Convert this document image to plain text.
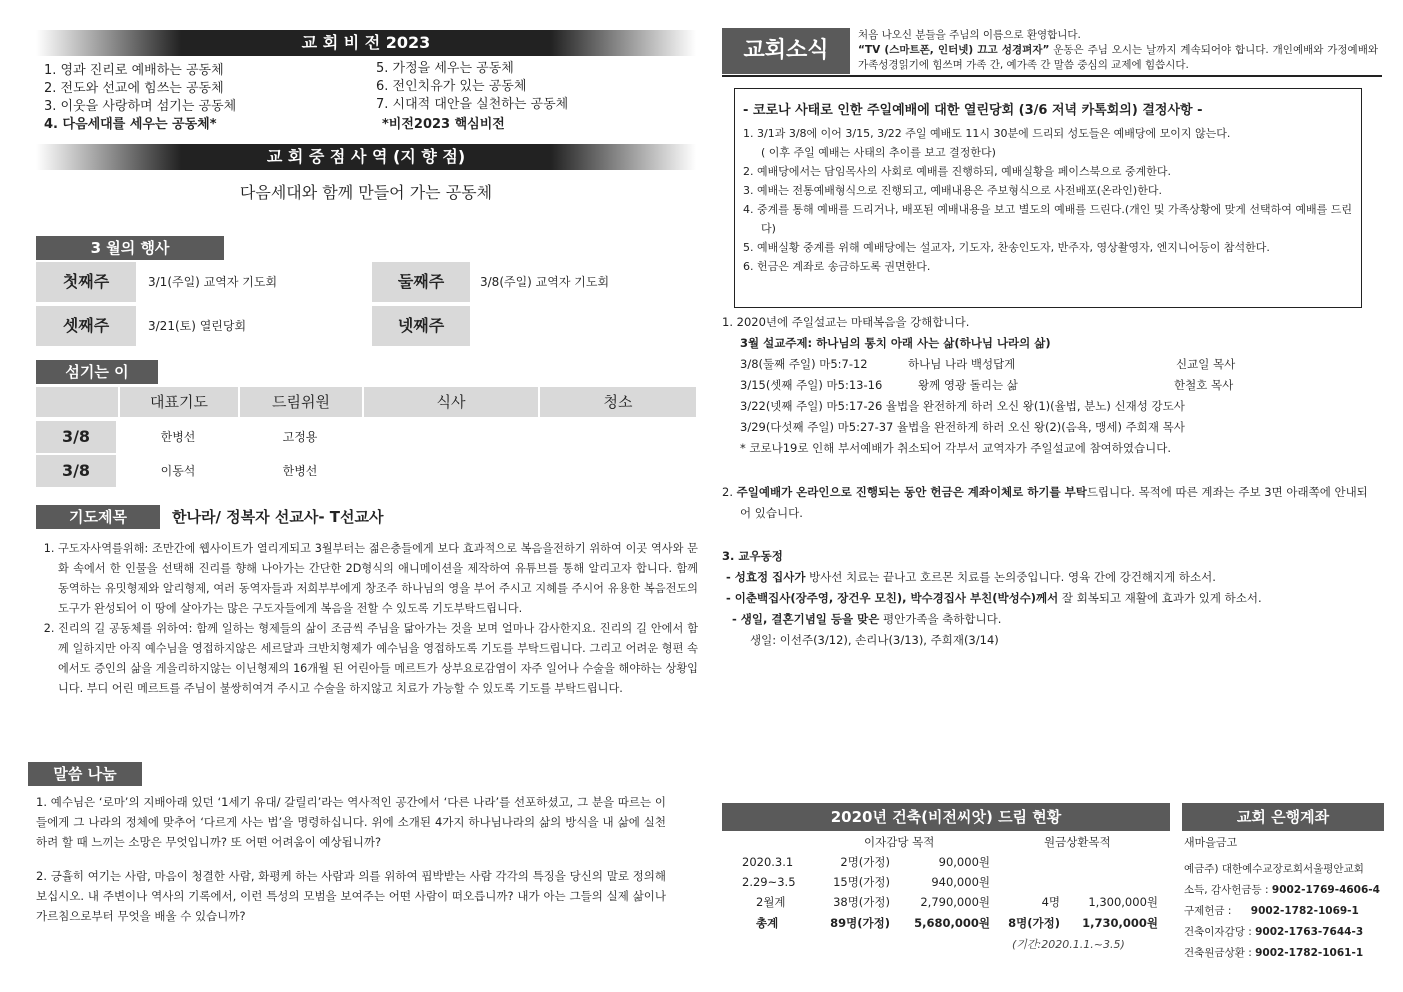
교 회 비 전 2023
1. 영과 진리로 예배하는 공동체
2. 전도와 선교에 힘쓰는 공동체
3. 이웃을 사랑하며 섬기는 공동체
4. 다음세대를 세우는 공동체*
5. 가정을 세우는 공동체
6. 전인치유가 있는 공동체
7. 시대적 대안을 실천하는 공동체
*비전2023 핵심비전
교 회 중 점 사 역 (지 향 점)
다음세대와 함께 만들어 가는 공동체
3 월의 행사
첫째주	3/1(주일) 교역자 기도회	둘째주	3/8(주일) 교역자 기도회
셋째주	3/21(토) 열린당회	넷째주
섬기는 이
대표기도	드림위원	식사	청소
3/8	한병선	고정용
3/8	이동석	한병선
기도제목	한나라/ 정복자 선교사- T선교사
1. 구도자사역를위해: 조만간에 웹사이트가 열리게되고 3월부터는 젊은층들에게 보다 효과적으로 복음을전하기 위하여 이곳 역사와 문화 속에서 한 인물을 선택해 진리를 향해 나아가는 간단한 2D형식의 애니메이션을 제작하여 유튜브를 통해 알리고자 합니다. 함께 동역하는 유밋형제와 알리형제, 여러 동역자들과 저희부부에게 창조주 하나님의 영을 부어 주시고 지혜를 주시어 유용한 복음전도의 도구가 완성되어 이 땅에 살아가는 많은 구도자들에게 복음을 전할 수 있도록 기도부탁드립니다.
2. 진리의 길 공동체를 위하여: 함께 일하는 형제들의 삶이 조금씩 주님을 닮아가는 것을 보며 얼마나 감사한지요. 진리의 길 안에서 함께 일하지만 아직 예수님을 영접하지않은 세르달과 크반치형제가 예수님을 영접하도록 기도를 부탁드립니다. 그리고 어려운 형편 속에서도 증인의 삶을 게을리하지않는 이닌형제의 16개월 된 어린아들 메르트가 상부요로감염이 자주 일어나 수술을 해야하는 상황입니다. 부디 어린 메르트를 주님이 불쌍히여겨 주시고 수술을 하지않고 치료가 가능할 수 있도록 기도를 부탁드립니다.
말씀 나눔
1. 예수님은 ‘로마’의 지배아래 있던 ‘1세기 유대/ 갈릴리’라는 역사적인 공간에서 ‘다른 나라’를 선포하셨고, 그 분을 따르는 이들에게 그 나라의 정체에 맞추어 ‘다르게 사는 법’을 명령하십니다. 위에 소개된 4가지 하나님나라의 삶의 방식을 내 삶에 실천하려 할 때 느끼는 소망은 무엇입니까? 또 어떤 어려움이 예상됩니까?
2. 긍휼히 여기는 사람, 마음이 청결한 사람, 화평케 하는 사람과 의를 위하여 핍박받는 사람 각각의 특징을 당신의 말로 정의해 보십시오. 내 주변이나 역사의 기록에서, 이런 특성의 모범을 보여주는 어떤 사람이 떠오릅니까? 내가 아는 그들의 실제 삶이나 가르침으로부터 무엇을 배울 수 있습니까?
교회소식
처음 나오신 분들을 주님의 이름으로 환영합니다.
“TV (스마트폰, 인터넷) 끄고 성경펴자” 운동은 주님 오시는 날까지 계속되어야 합니다. 개인예배와 가정예배와 가족성경읽기에 힘쓰며 가족 간, 예가족 간 말씀 중심의 교제에 힘씁시다.
- 코로나 사태로 인한 주일예배에 대한 열린당회 (3/6 저녁 카톡회의) 결정사항 -
1. 3/1과 3/8에 이어 3/15, 3/22 주일 예배도 11시 30분에 드리되 성도들은 예배당에 모이지 않는다.
( 이후 주일 예배는 사태의 추이를 보고 결정한다)
2. 예배당에서는 담임목사의 사회로 예배를 진행하되, 예배실황을 페이스북으로 중계한다.
3. 예배는 전통예배형식으로 진행되고, 예배내용은 주보형식으로 사전배포(온라인)한다.
4. 중계를 통해 예배를 드리거나, 배포된 예배내용을 보고 별도의 예배를 드린다.(개인 및 가족상황에 맞게 선택하여 예배를 드린다)
5. 예배실황 중계를 위해 예배당에는 설교자, 기도자, 찬송인도자, 반주자, 영상촬영자, 엔지니어등이 참석한다.
6. 헌금은 계좌로 송금하도록 권면한다.
1. 2020년에 주일설교는 마태복음을 강해합니다.
3월 설교주제: 하나님의 통치 아래 사는 삶(하나님 나라의 삶)
3/8(둘째 주일) 마5:7-12	하나님 나라 백성답게	신교일 목사
3/15(셋째 주일) 마5:13-16	왕께 영광 돌리는 삶	한철호 목사
3/22(넷째 주일) 마5:17-26 율법을 완전하게 하러 오신 왕(1)(율법, 분노) 신재성 강도사
3/29(다섯째 주일) 마5:27-37 율법을 완전하게 하러 오신 왕(2)(음욕, 맹세) 주희재 목사
* 코로나19로 인해 부서예배가 취소되어 각부서 교역자가 주일설교에 참여하였습니다.
2. 주일예배가 온라인으로 진행되는 동안 헌금은 계좌이체로 하기를 부탁드립니다. 목적에 따른 계좌는 주보 3면 아래쪽에 안내되어 있습니다.
3. 교우동정
- 성효정 집사가 방사선 치료는 끝나고 호르몬 치료를 논의중입니다. 영육 간에 강건해지게 하소서.
- 이춘백집사(장주영, 장건우 모친), 박수경집사 부친(박성수)께서 잘 회복되고 재활에 효과가 있게 하소서.
- 생일, 결혼기념일 등을 맞은 평안가족을 축하합니다.
생일: 이선주(3/12), 손리나(3/13), 주희재(3/14)
2020년 건축(비전씨앗) 드림 현황
이자감당 목적	원금상환목적
2020.3.1	2명(가정)	90,000원
2.29~3.5	15명(가정)	940,000원
2월계	38명(가정)	2,790,000원	4명	1,300,000원
총계	89명(가정)	5,680,000원	8명(가정)	1,730,000원
(기간:2020.1.1.~3.5)
교회 은행계좌
새마을금고
예금주) 대한예수교장로회서울평안교회
소득, 감사헌금등 : 9002-1769-4606-4
구제헌금 : 9002-1782-1069-1
건축이자감당 : 9002-1763-7644-3
건축원금상환 : 9002-1782-1061-1
